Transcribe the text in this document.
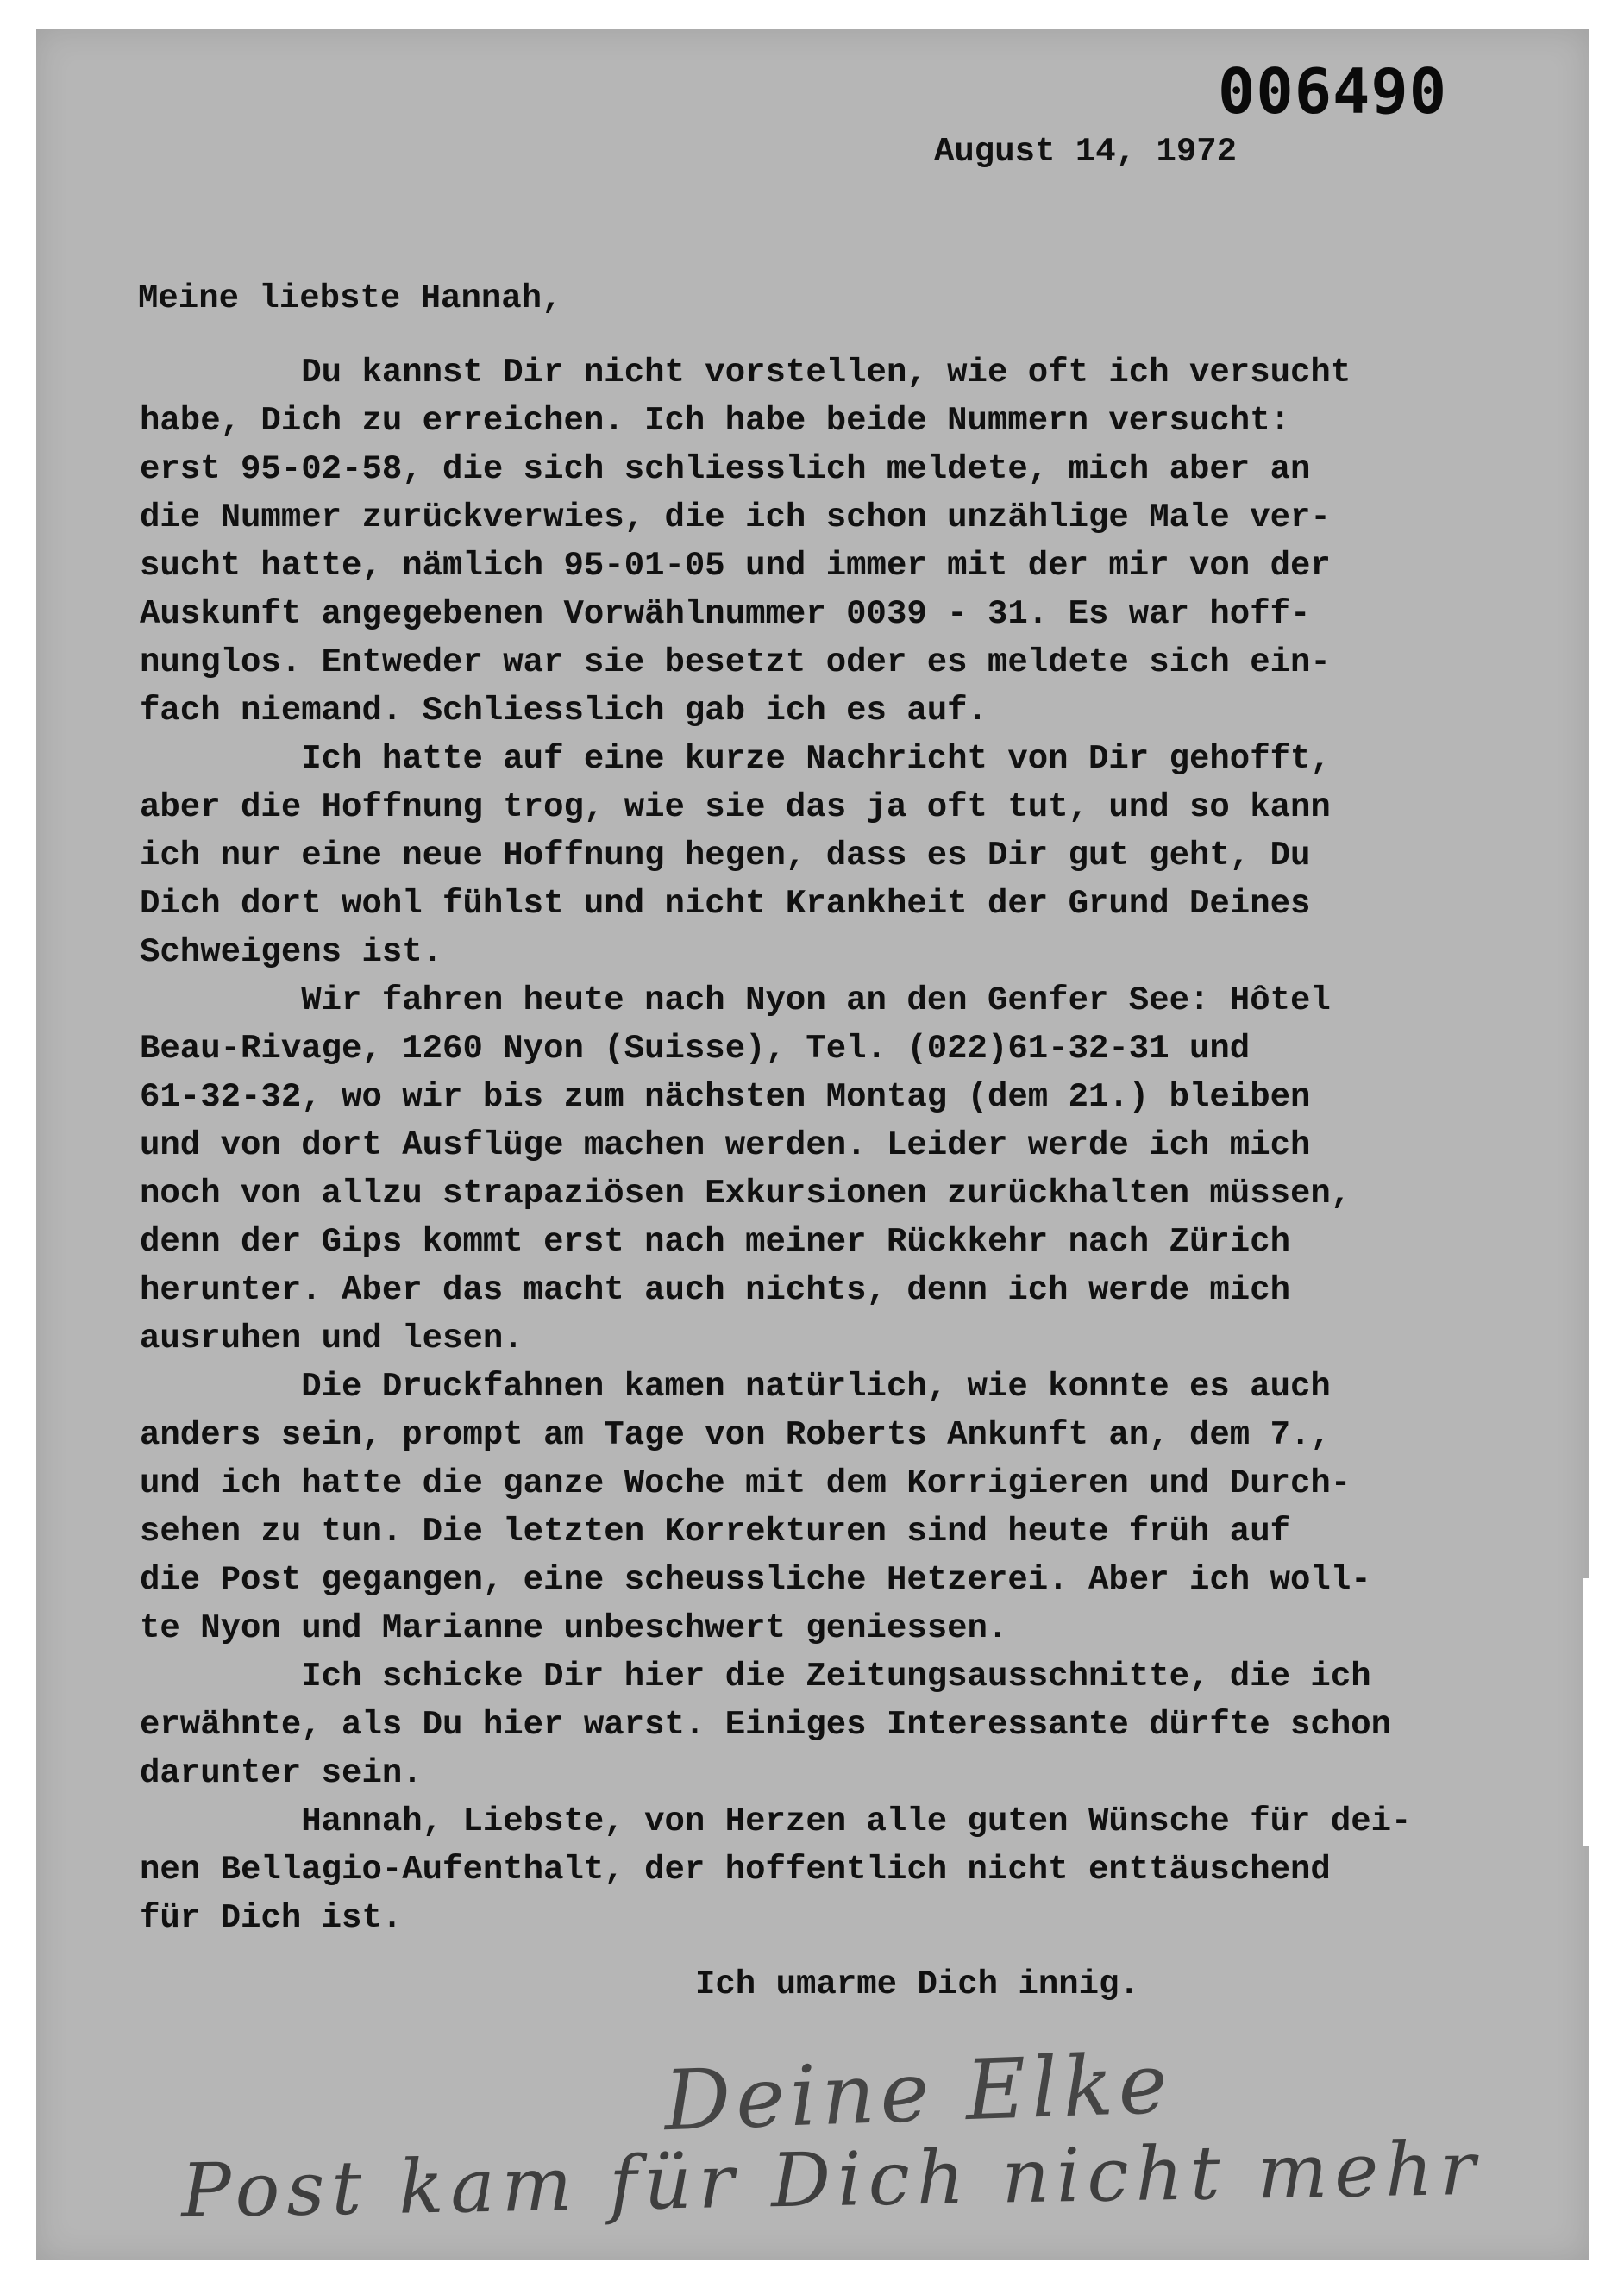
006490
August 14, 1972
Meine liebste Hannah,
Du kannst Dir nicht vorstellen, wie oft ich versucht
habe, Dich zu erreichen. Ich habe beide Nummern versucht:
erst 95-02-58, die sich schliesslich meldete, mich aber an
die Nummer zurückverwies, die ich schon unzählige Male ver-
sucht hatte, nämlich 95-01-05 und immer mit der mir von der
Auskunft angegebenen Vorwählnummer 0039 - 31. Es war hoff-
nunglos. Entweder war sie besetzt oder es meldete sich ein-
fach niemand. Schliesslich gab ich es auf.
Ich hatte auf eine kurze Nachricht von Dir gehofft,
aber die Hoffnung trog, wie sie das ja oft tut, und so kann
ich nur eine neue Hoffnung hegen, dass es Dir gut geht, Du
Dich dort wohl fühlst und nicht Krankheit der Grund Deines
Schweigens ist.
Wir fahren heute nach Nyon an den Genfer See: Hôtel
Beau-Rivage, 1260 Nyon (Suisse), Tel. (022)61-32-31 und
61-32-32, wo wir bis zum nächsten Montag (dem 21.) bleiben
und von dort Ausflüge machen werden. Leider werde ich mich
noch von allzu strapaziösen Exkursionen zurückhalten müssen,
denn der Gips kommt erst nach meiner Rückkehr nach Zürich
herunter. Aber das macht auch nichts, denn ich werde mich
ausruhen und lesen.
Die Druckfahnen kamen natürlich, wie konnte es auch
anders sein, prompt am Tage von Roberts Ankunft an, dem 7.,
und ich hatte die ganze Woche mit dem Korrigieren und Durch-
sehen zu tun. Die letzten Korrekturen sind heute früh auf
die Post gegangen, eine scheussliche Hetzerei. Aber ich woll-
te Nyon und Marianne unbeschwert geniessen.
Ich schicke Dir hier die Zeitungsausschnitte, die ich
erwähnte, als Du hier warst. Einiges Interessante dürfte schon
darunter sein.
Hannah, Liebste, von Herzen alle guten Wünsche für dei-
nen Bellagio-Aufenthalt, der hoffentlich nicht enttäuschend
für Dich ist.
Ich umarme Dich innig.
Deine Elke
Post kam für Dich nicht mehr
